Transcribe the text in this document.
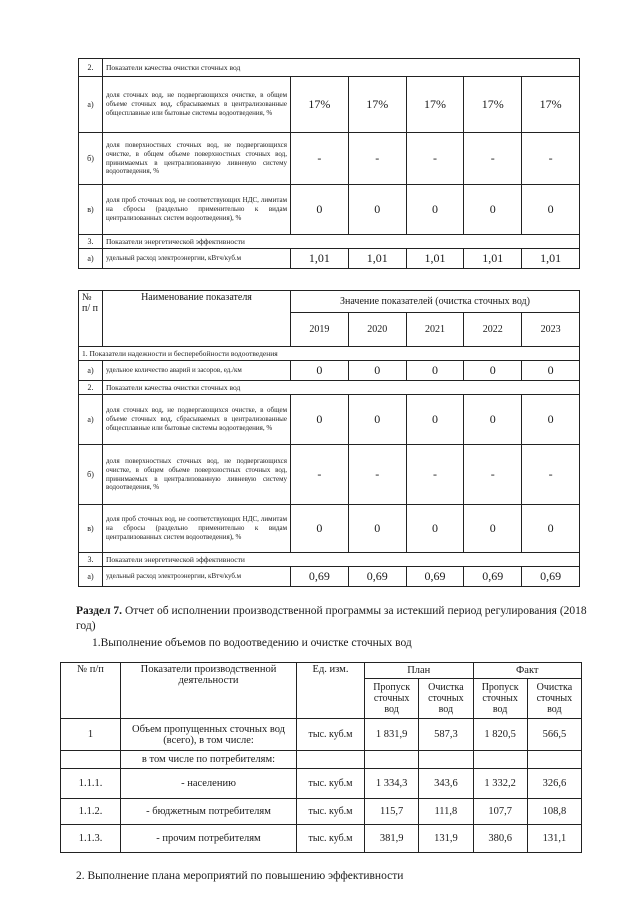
2.	Показатели качества очистки сточных вод					
а)	доля сточных вод, не подвергающихся очистке, в общем объеме сточных вод, сбрасываемых в централизованные общесплавные или бытовые системы водоотведения, %	17%	17%	17%	17%	17%
б)	доля поверхностных сточных вод, не подвергающихся очистке, в общем объеме поверхностных сточных вод, принимаемых в централизованную ливневую систему водоотведения, %	-	-	-	-	-
в)	доля проб сточных вод, не соответствующих НДС, лимитам на сбросы (раздельно применительно к видам централизованных систем водоотведения), %	0	0	0	0	0
3.	Показатели энергетической эффективности					
а)	удельный расход электроэнергии, кВтч/куб.м	1,01	1,01	1,01	1,01	1,01
№ п/ п	Наименование показателя	Значение показателей (очистка сточных вод)				
		2019	2020	2021	2022	2023
1. Показатели надежности и бесперебойности водоотведения						
а)	удельное количество аварий и засоров, ед./км	0	0	0	0	0
2.	Показатели качества очистки сточных вод					
а)	доля сточных вод, не подвергающихся очистке, в общем объеме сточных вод, сбрасываемых в централизованные общесплавные или бытовые системы водоотведения, %	0	0	0	0	0
б)	доля поверхностных сточных вод, не подвергающихся очистке, в общем объеме поверхностных сточных вод, принимаемых в централизованную ливневую систему водоотведения, %	-	-	-	-	-
в)	доля проб сточных вод, не соответствующих НДС, лимитам на сбросы (раздельно применительно к видам централизованных систем водоотведения), %	0	0	0	0	0
3.	Показатели энергетической эффективности					
а)	удельный расход электроэнергии, кВтч/куб.м	0,69	0,69	0,69	0,69	0,69
Раздел 7. Отчет об исполнении производственной программы за истекший период регулирования (2018 год)
1.Выполнение объемов по водоотведению и очистке сточных вод
№ п/п	Показатели производственной деятельности	Ед. изм.	План		Факт	
			Пропуск сточных вод	Очистка сточных вод	Пропуск сточных вод	Очистка сточных вод
1	Объем пропущенных сточных вод (всего), в том числе:	тыс. куб.м	1 831,9	587,3	1 820,5	566,5
	в том числе по потребителям:					
1.1.1.	- населению	тыс. куб.м	1 334,3	343,6	1 332,2	326,6
1.1.2.	- бюджетным потребителям	тыс. куб.м	115,7	111,8	107,7	108,8
1.1.3.	- прочим потребителям	тыс. куб.м	381,9	131,9	380,6	131,1
2. Выполнение плана мероприятий по повышению эффективности
